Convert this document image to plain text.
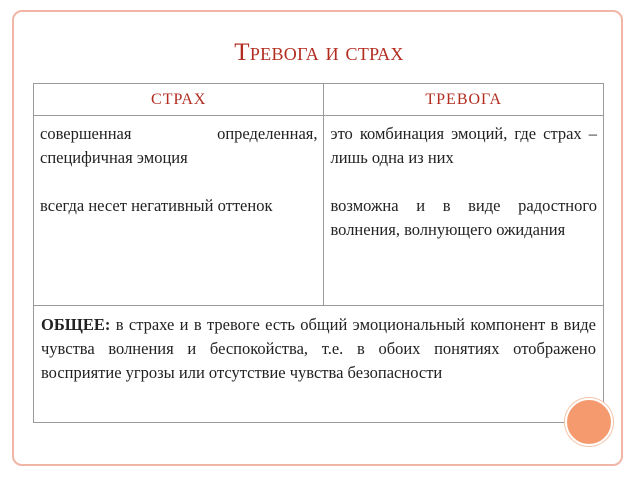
Тревога и страх
СТРАХ	ТРЕВОГА

совершенная определенная, специфичная эмоция

всегда несет негативный оттенок

это комбинация эмоций, где страх – лишь одна из них

возможна и в виде радостного волнения, волнующего ожидания

ОБЩЕЕ: в страхе и в тревоге есть общий эмоциональный компонент в виде чувства волнения и беспокойства, т.е. в обоих понятиях отображено восприятие угрозы или отсутствие чувства безопасности
